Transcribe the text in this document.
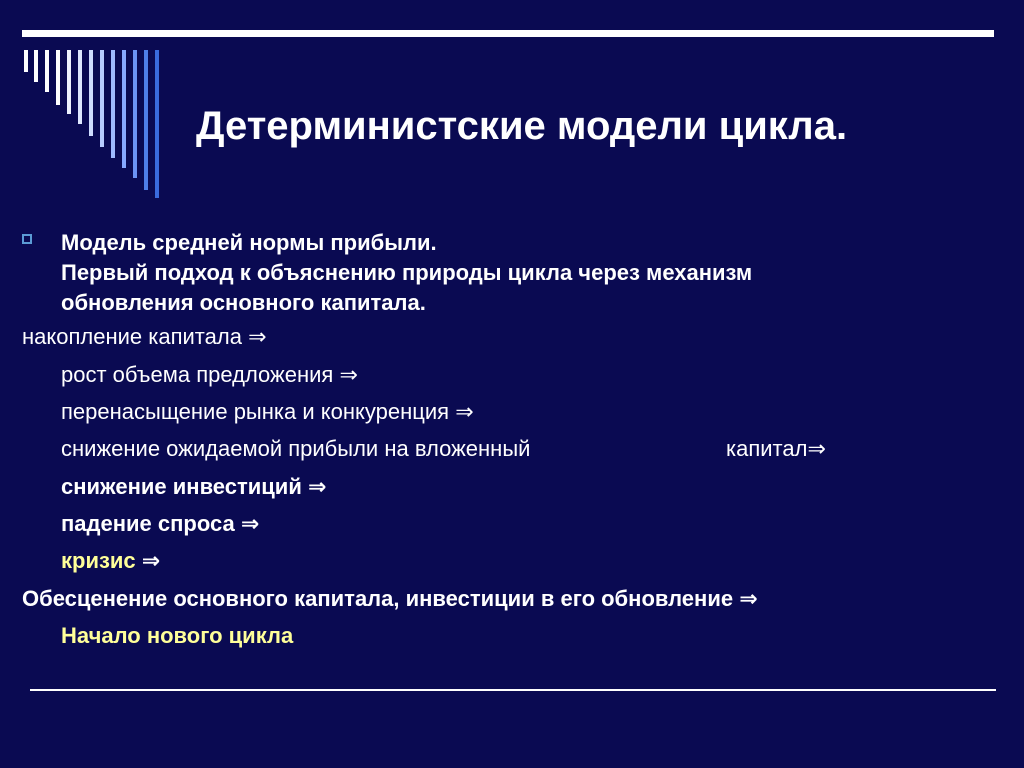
Детерминистские модели цикла.
Модель средней нормы прибыли.
Первый подход к объяснению природы цикла через механизм
обновления основного капитала.
накопление капитала ⇒
рост объема предложения ⇒
перенасыщение рынка и конкуренция ⇒
снижение ожидаемой прибыли на вложенный	капитал⇒
снижение инвестиций ⇒
падение спроса ⇒
кризис ⇒
Обесценение основного капитала, инвестиции в его обновление ⇒
Начало нового цикла
